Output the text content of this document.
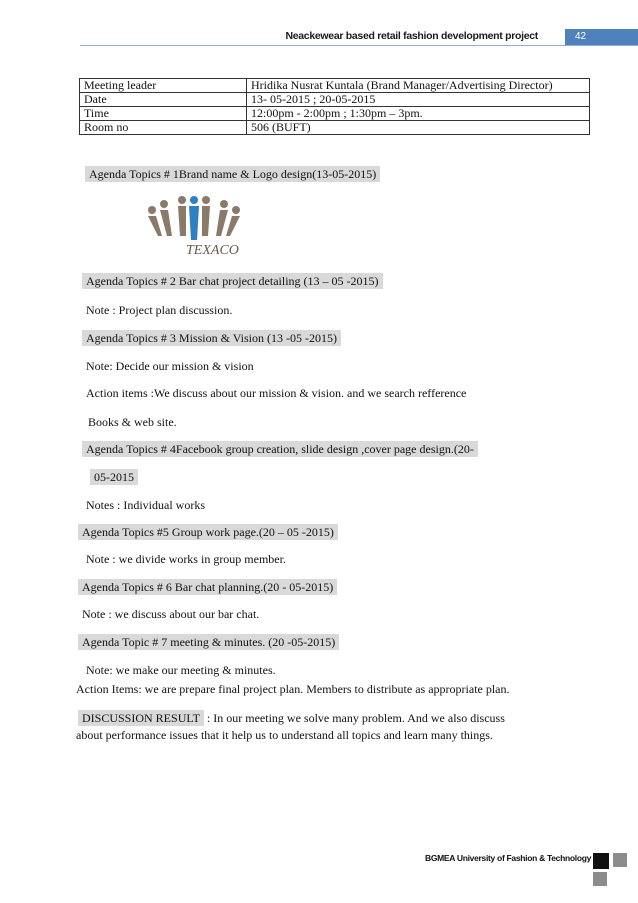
Neackewear based retail fashion development project	42
Meeting leader	Hridika Nusrat Kuntala (Brand Manager/Advertising Director)
Date	13- 05-2015 ; 20-05-2015
Time	12:00pm - 2:00pm ; 1:30pm – 3pm.
Room no	506 (BUFT)
Agenda Topics # 1Brand name & Logo design(13-05-2015)
TEXACO
Agenda Topics # 2 Bar chat project detailing (13 – 05 -2015)
Note : Project plan discussion.
Agenda Topics # 3 Mission & Vision (13 -05 -2015)
Note: Decide our mission & vision
Action items :We discuss about our mission & vision. and we search refference
Books & web site.
Agenda Topics # 4Facebook group creation, slide design ,cover page design.(20-
05-2015
Notes : Individual works
Agenda Topics #5 Group work page.(20 – 05 -2015)
Note : we divide works in group member.
Agenda Topics # 6 Bar chat planning.(20 - 05-2015)
Note : we discuss about our bar chat.
Agenda Topic # 7 meeting & minutes. (20 -05-2015)
Note: we make our meeting & minutes.
Action Items: we are prepare final project plan. Members to distribute as appropriate plan.
DISCUSSION RESULT : In our meeting we solve many problem. And we also discuss
about performance issues that it help us to understand all topics and learn many things.
BGMEA University of Fashion & Technology
